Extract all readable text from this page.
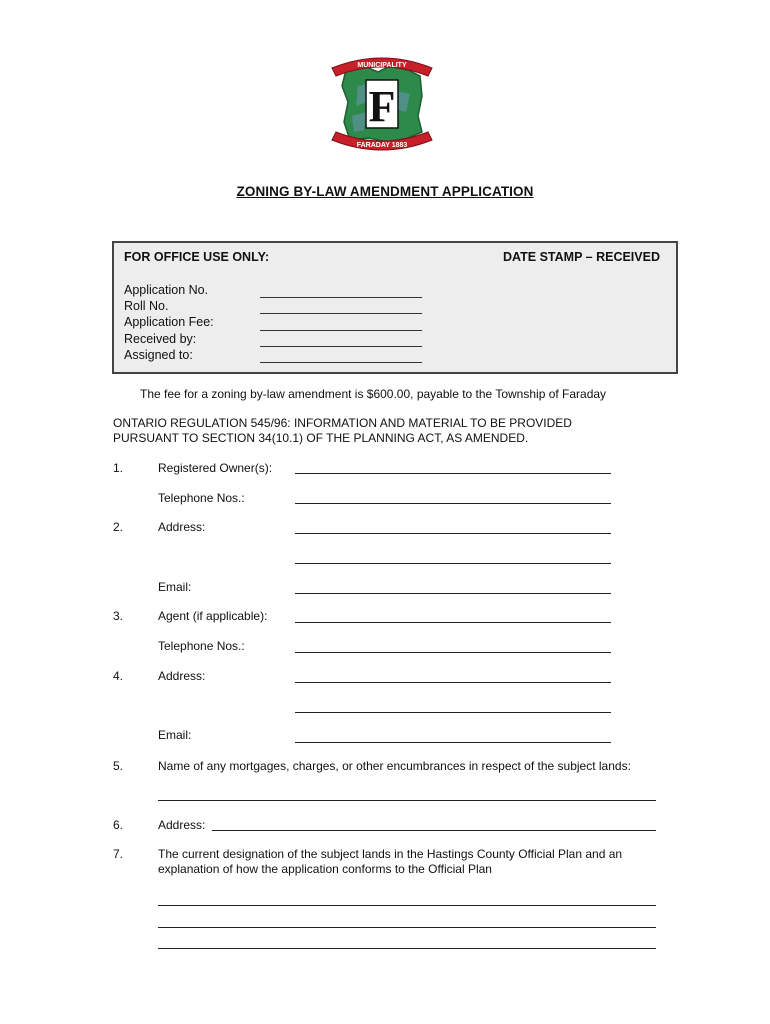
F
MUNICIPALITY
FARADAY 1883
ZONING BY-LAW AMENDMENT APPLICATION
FOR OFFICE USE ONLY:	DATE STAMP – RECEIVED
Application No.
Roll No.
Application Fee:
Received by:
Assigned to:
The fee for a zoning by-law amendment is $600.00, payable to the Township of Faraday
ONTARIO REGULATION 545/96: INFORMATION AND MATERIAL TO BE PROVIDED
PURSUANT TO SECTION 34(10.1) OF THE PLANNING ACT, AS AMENDED.
1.	Registered Owner(s):
Telephone Nos.:
2.	Address:
Email:
3.	Agent (if applicable):
Telephone Nos.:
4.	Address:
Email:
5.	Name of any mortgages, charges, or other encumbrances in respect of the subject lands:
6.	Address:
7.	The current designation of the subject lands in the Hastings County Official Plan and an
explanation of how the application conforms to the Official Plan
